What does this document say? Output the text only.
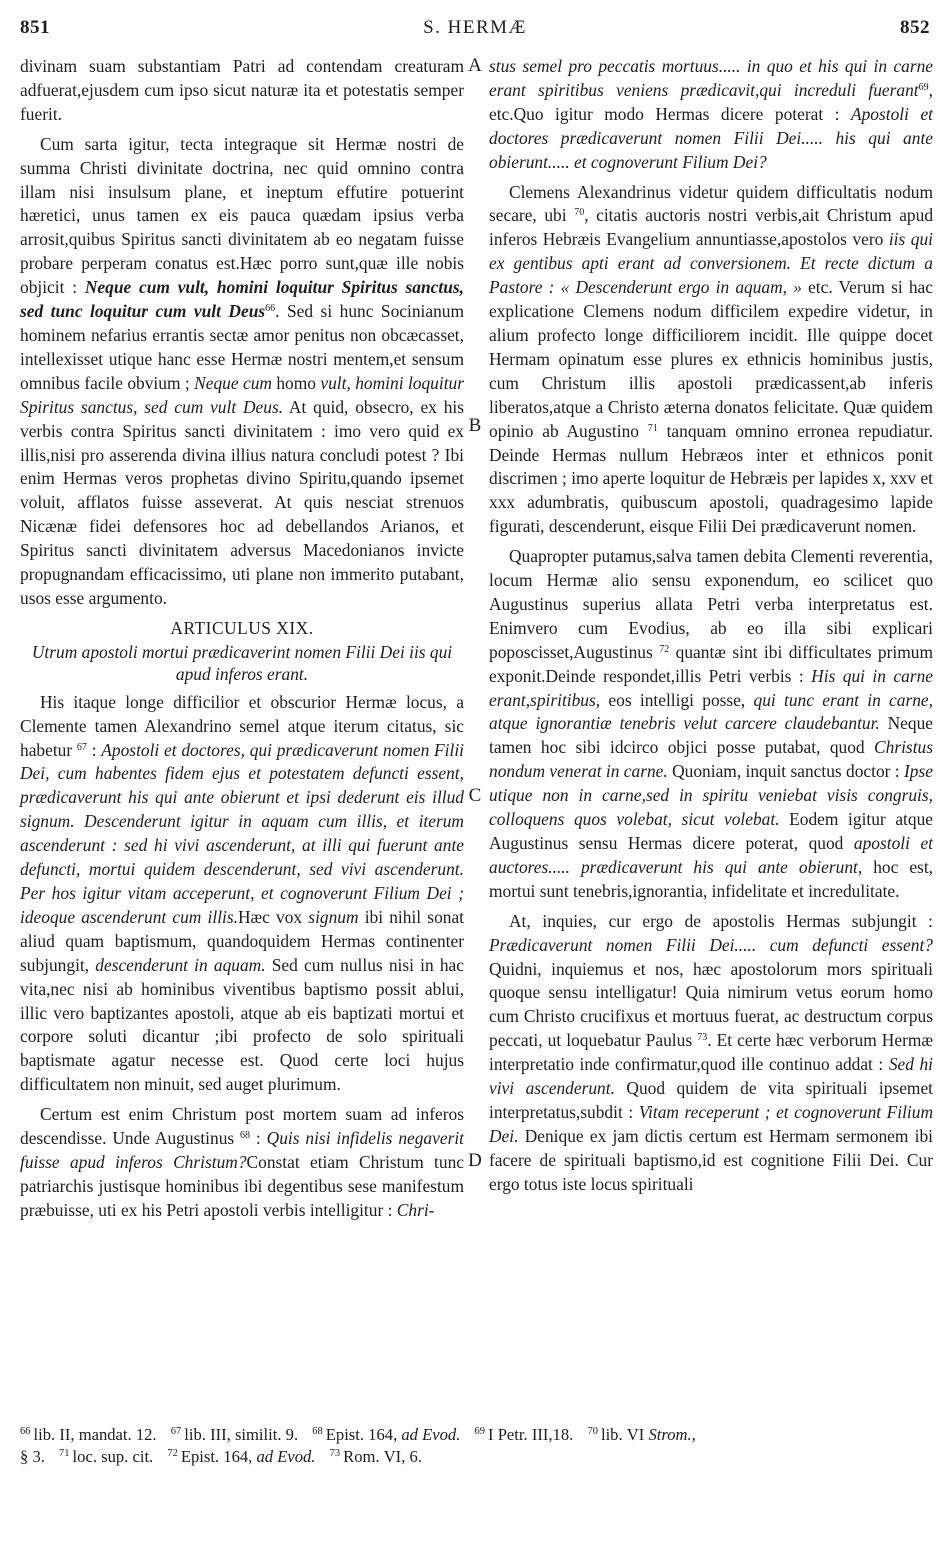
851	S. HERMÆ	852
A
B
C
D

divinam suam substantiam Patri ad contendam creaturam adfuerat,ejusdem cum ipso sicut naturæ ita et potestatis semper fuerit.

Cum sarta igitur, tecta integraque sit Hermæ nostri de summa Christi divinitate doctrina, nec quid omnino contra illam nisi insulsum plane, et ineptum effutire potuerint hæretici, unus tamen ex eis pauca quædam ipsius verba arrosit,quibus Spiritus sancti divinitatem ab eo negatam fuisse probare perperam conatus est.Hæc porro sunt,quæ ille nobis objicit : Neque cum vult, homini loquitur Spiritus sanctus, sed tunc loquitur cum vult Deus$^{66}$. Sed si hunc Socinianum hominem nefarius errantis sectæ amor penitus non obcæcasset, intellexisset utique hanc esse Hermæ nostri mentem,et sensum omnibus facile obvium ; Neque cum homo vult, homini loquitur Spiritus sanctus, sed cum vult Deus. At quid, obsecro, ex his verbis contra Spiritus sancti divinitatem : imo vero quid ex illis,nisi pro asserenda divina illius natura concludi potest ? Ibi enim Hermas veros prophetas divino Spiritu,quando ipsemet voluit, afflatos fuisse asseverat. At quis nesciat strenuos Nicænæ fidei defensores hoc ad debellandos Arianos, et Spiritus sancti divinitatem adversus Macedonianos invicte propugnandam efficacissimo, uti plane non immerito putabant, usos esse argumento.

ARTICULUS XIX.

Utrum apostoli mortui prædicaverint nomen Filii Dei iis qui apud inferos erant.

His itaque longe difficilior et obscurior Hermæ locus, a Clemente tamen Alexandrino semel atque iterum citatus, sic habetur $^{67}$ : Apostoli et doctores, qui prædicaverunt nomen Filii Dei, cum habentes fidem ejus et potestatem defuncti essent, prædicaverunt his qui ante obierunt et ipsi dederunt eis illud signum. Descenderunt igitur in aquam cum illis, et iterum ascenderunt : sed hi vivi ascenderunt, at illi qui fuerunt ante defuncti, mortui quidem descenderunt, sed vivi ascenderunt. Per hos igitur vitam acceperunt, et cognoverunt Filium Dei ; ideoque ascenderunt cum illis.Hæc vox signum ibi nihil sonat aliud quam baptismum, quandoquidem Hermas continenter subjungit, descenderunt in aquam. Sed cum nullus nisi in hac vita,nec nisi ab hominibus viventibus baptismo possit ablui, illic vero baptizantes apostoli, atque ab eis baptizati mortui et corpore soluti dicantur ;ibi profecto de solo spirituali baptismate agatur necesse est. Quod certe loci hujus difficultatem non minuit, sed auget plurimum.

Certum est enim Christum post mortem suam ad inferos descendisse. Unde Augustinus $^{68}$ : Quis nisi infidelis negaverit fuisse apud inferos Christum?Constat etiam Christum tunc patriarchis justisque hominibus ibi degentibus sese manifestum præbuisse, uti ex his Petri apostoli verbis intelligitur : Chri-

stus semel pro peccatis mortuus..... in quo et his qui in carne erant spiritibus veniens prædicavit,qui increduli fuerant$^{69}$, etc.Quo igitur modo Hermas dicere poterat : Apostoli et doctores prædicaverunt nomen Filii Dei..... his qui ante obierunt..... et cognoverunt Filium Dei?

Clemens Alexandrinus videtur quidem difficultatis nodum secare, ubi $^{70}$, citatis auctoris nostri verbis,ait Christum apud inferos Hebræis Evangelium annuntiasse,apostolos vero iis qui ex gentibus apti erant ad conversionem. Et recte dictum a Pastore : « Descenderunt ergo in aquam, » etc. Verum si hac explicatione Clemens nodum difficilem expedire videtur, in alium profecto longe difficiliorem incidit. Ille quippe docet Hermam opinatum esse plures ex ethnicis hominibus justis, cum Christum illis apostoli prædicassent,ab inferis liberatos,atque a Christo æterna donatos felicitate. Quæ quidem opinio ab Augustino $^{71}$ tanquam omnino erronea repudiatur. Deinde Hermas nullum Hebræos inter et ethnicos ponit discrimen ; imo aperte loquitur de Hebræis per lapides x, xxv et xxx adumbratis, quibuscum apostoli, quadragesimo lapide figurati, descenderunt, eisque Filii Dei prædicaverunt nomen.

Quapropter putamus,salva tamen debita Clementi reverentia, locum Hermæ alio sensu exponendum, eo scilicet quo Augustinus superius allata Petri verba interpretatus est. Enimvero cum Evodius, ab eo illa sibi explicari poposcisset,Augustinus $^{72}$ quantæ sint ibi difficultates primum exponit.Deinde respondet,illis Petri verbis : His qui in carne erant,spiritibus, eos intelligi posse, qui tunc erant in carne, atque ignorantiæ tenebris velut carcere claudebantur. Neque tamen hoc sibi idcirco objici posse putabat, quod Christus nondum venerat in carne. Quoniam, inquit sanctus doctor : Ipse utique non in carne,sed in spiritu veniebat visis congruis, colloquens quos volebat, sicut volebat. Eodem igitur atque Augustinus sensu Hermas dicere poterat, quod apostoli et auctores..... prædicaverunt his qui ante obierunt, hoc est, mortui sunt tenebris,ignorantia, infidelitate et incredulitate.

At, inquies, cur ergo de apostolis Hermas subjungit : Prædicaverunt nomen Filii Dei..... cum defuncti essent? Quidni, inquiemus et nos, hæc apostolorum mors spirituali quoque sensu intelligatur! Quia nimirum vetus eorum homo cum Christo crucifixus et mortuus fuerat, ac destructum corpus peccati, ut loquebatur Paulus $^{73}$. Et certe hæc verborum Hermæ interpretatio inde confirmatur,quod ille continuo addat : Sed hi vivi ascenderunt. Quod quidem de vita spirituali ipsemet interpretatus,subdit : Vitam receperunt ; et cognoverunt Filium Dei. Denique ex jam dictis certum est Hermam sermonem ibi facere de spirituali baptismo,id est cognitione Filii Dei. Cur ergo totus iste locus spirituali

$^{66}$ lib. II, mandat. 12. $^{67}$ lib. III, similit. 9. $^{68}$ Epist. 164, ad Evod. $^{69}$ I Petr. III,18. $^{70}$ lib. VI Strom.,
§ 3. $^{71}$ loc. sup. cit. $^{72}$ Epist. 164, ad Evod. $^{73}$ Rom. VI, 6.
